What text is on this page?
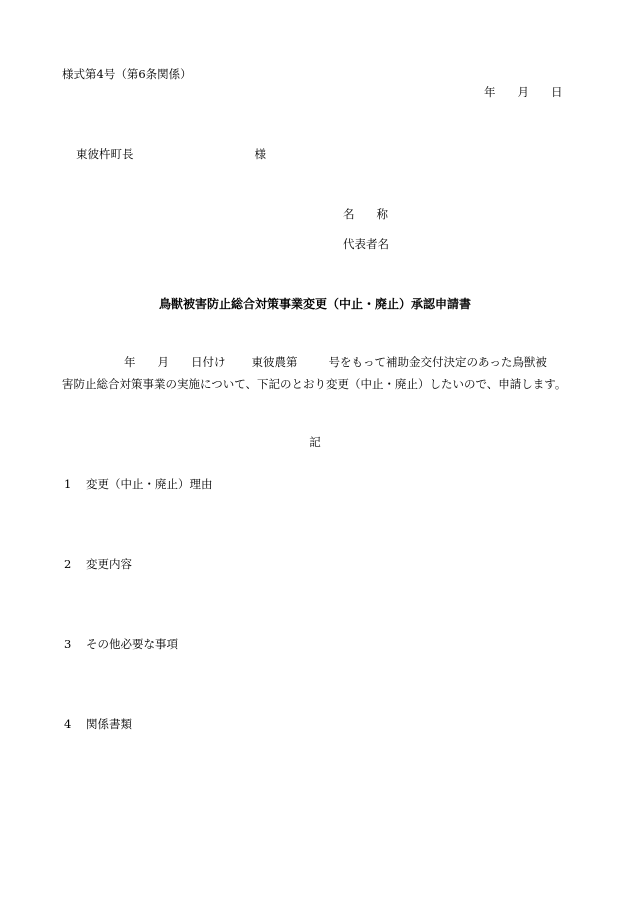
様式第4号（第6条関係）
年 月 日
東彼杵町長	様
名 称
代表者名
鳥獣被害防止総合対策事業変更（中止・廃止）承認申請書
年 月 日付け 東彼農第	号をもって補助金交付決定のあった鳥獣被
害防止総合対策事業の実施について、下記のとおり変更（中止・廃止）したいので、申請します。
記
1 変更（中止・廃止）理由
2 変更内容
3 その他必要な事項
4 関係書類
